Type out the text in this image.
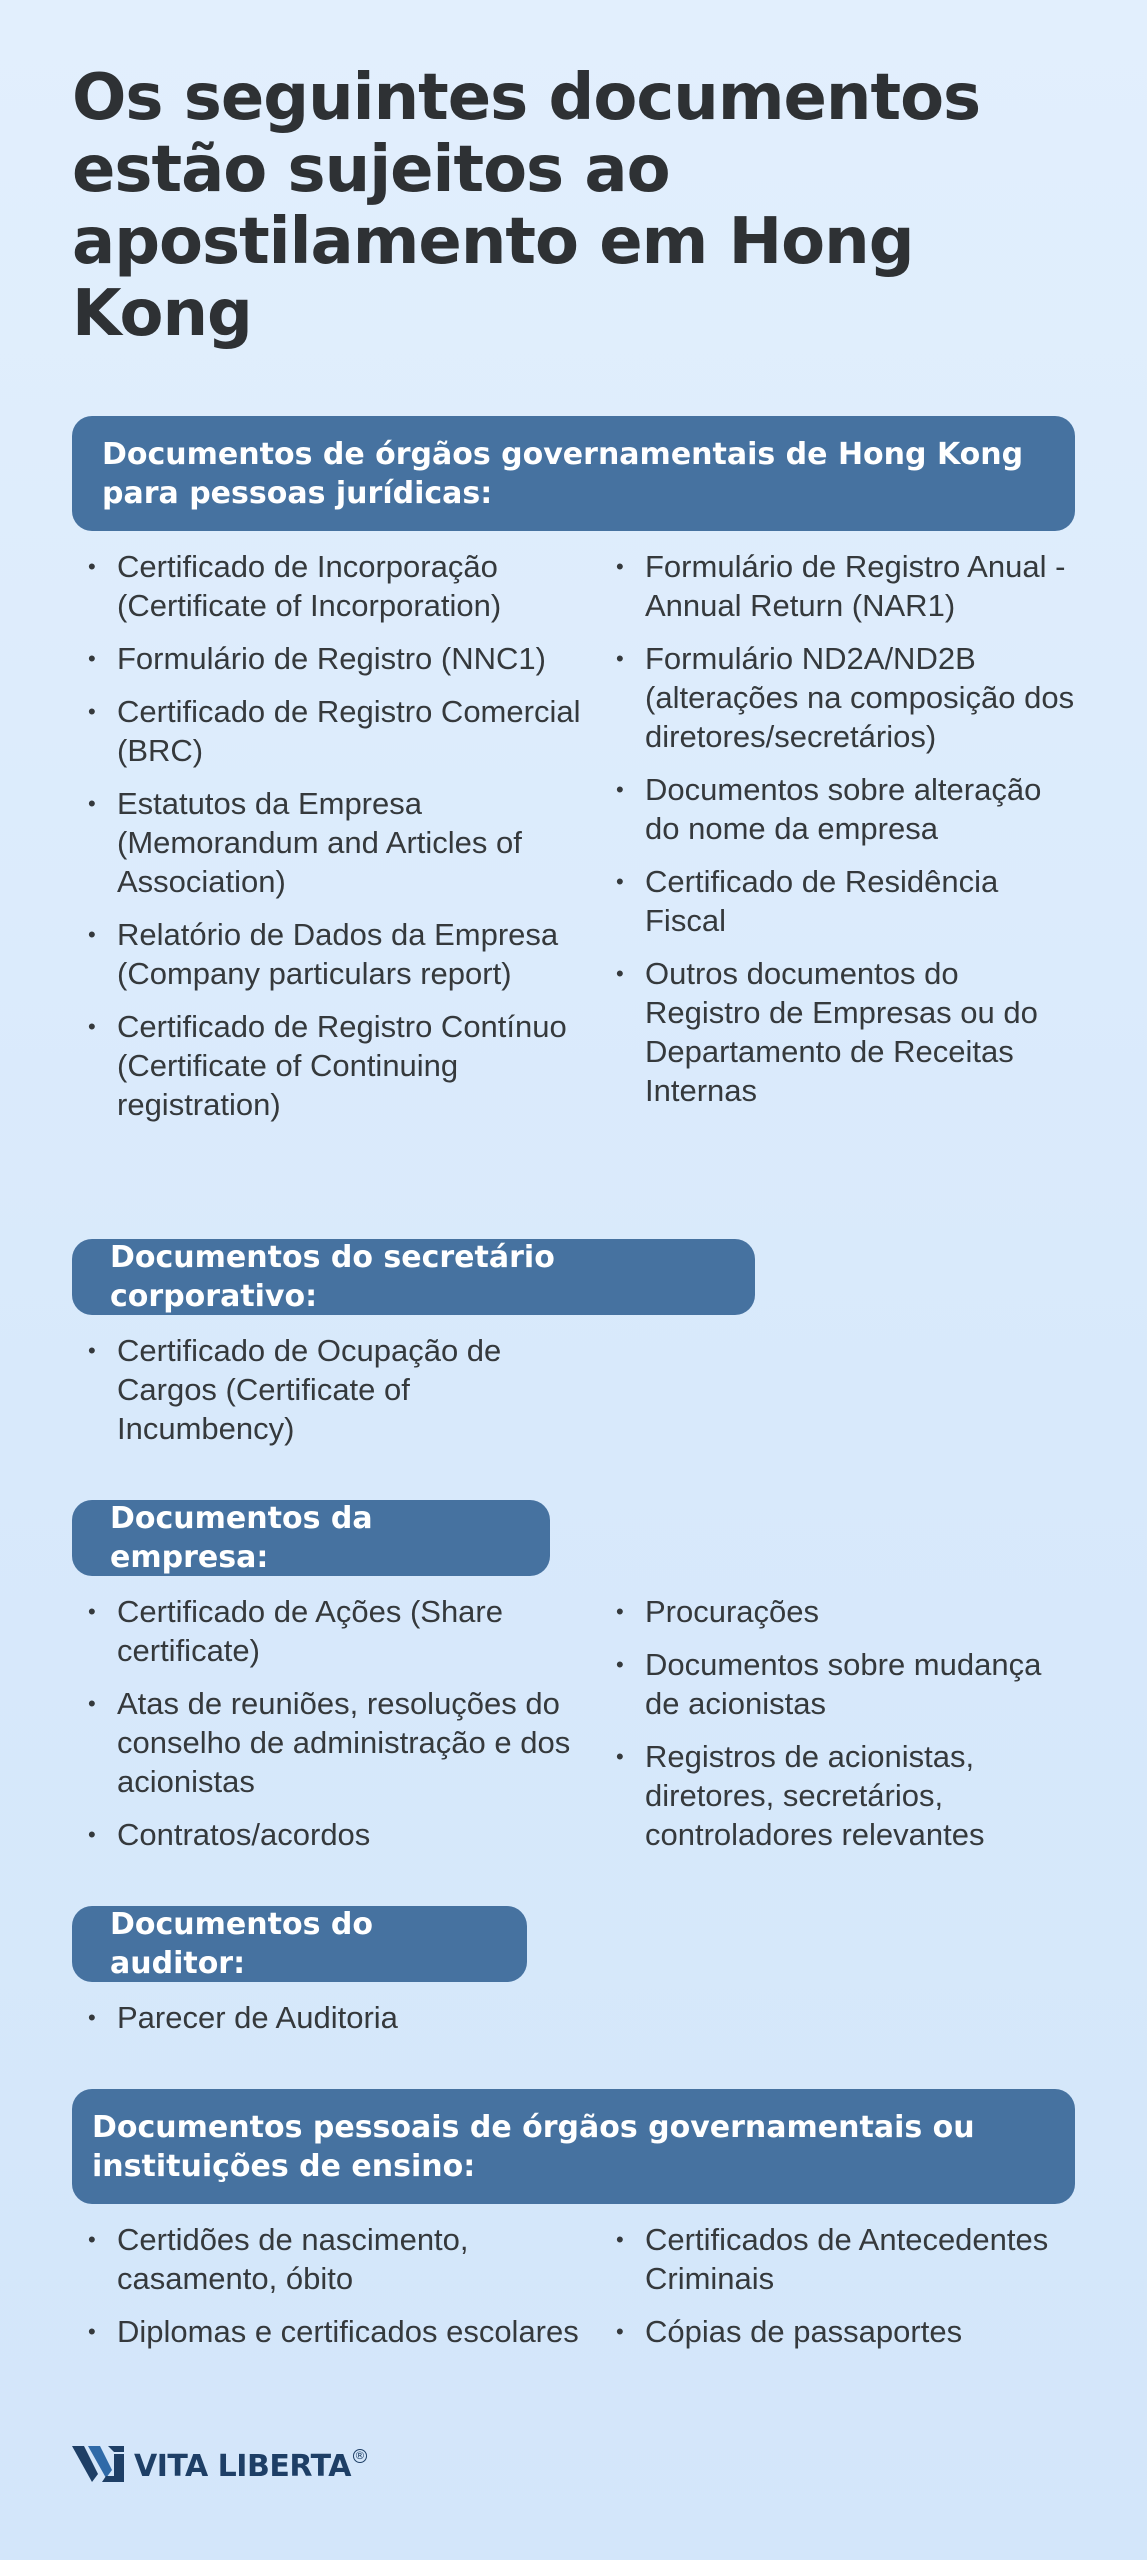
Os seguintes documentos estão sujeitos ao apostilamento em Hong Kong
Documentos de órgãos governamentais de Hong Kong para pessoas jurídicas:
• Certificado de Incorporação (Certificate of Incorporation)
• Formulário de Registro (NNC1)
• Certificado de Registro Comercial (BRC)
• Estatutos da Empresa (Memorandum and Articles of Association)
• Relatório de Dados da Empresa (Company particulars report)
• Certificado de Registro Contínuo (Certificate of Continuing registration)
• Formulário de Registro Anual - Annual Return (NAR1)
• Formulário ND2A/ND2B (alterações na composição dos diretores/secretários)
• Documentos sobre alteração do nome da empresa
• Certificado de Residência Fiscal
• Outros documentos do Registro de Empresas ou do Departamento de Receitas Internas
Documentos do secretário corporativo:
• Certificado de Ocupação de Cargos (Certificate of Incumbency)
Documentos da empresa:
• Certificado de Ações (Share certificate)
• Atas de reuniões, resoluções do conselho de administração e dos acionistas
• Contratos/acordos
• Procurações
• Documentos sobre mudança de acionistas
• Registros de acionistas, diretores, secretários, controladores relevantes
Documentos do auditor:
• Parecer de Auditoria
Documentos pessoais de órgãos governamentais ou instituições de ensino:
• Certidões de nascimento, casamento, óbito
• Diplomas e certificados escolares
• Certificados de Antecedentes Criminais
• Cópias de passaportes
VITA LIBERTA ®
